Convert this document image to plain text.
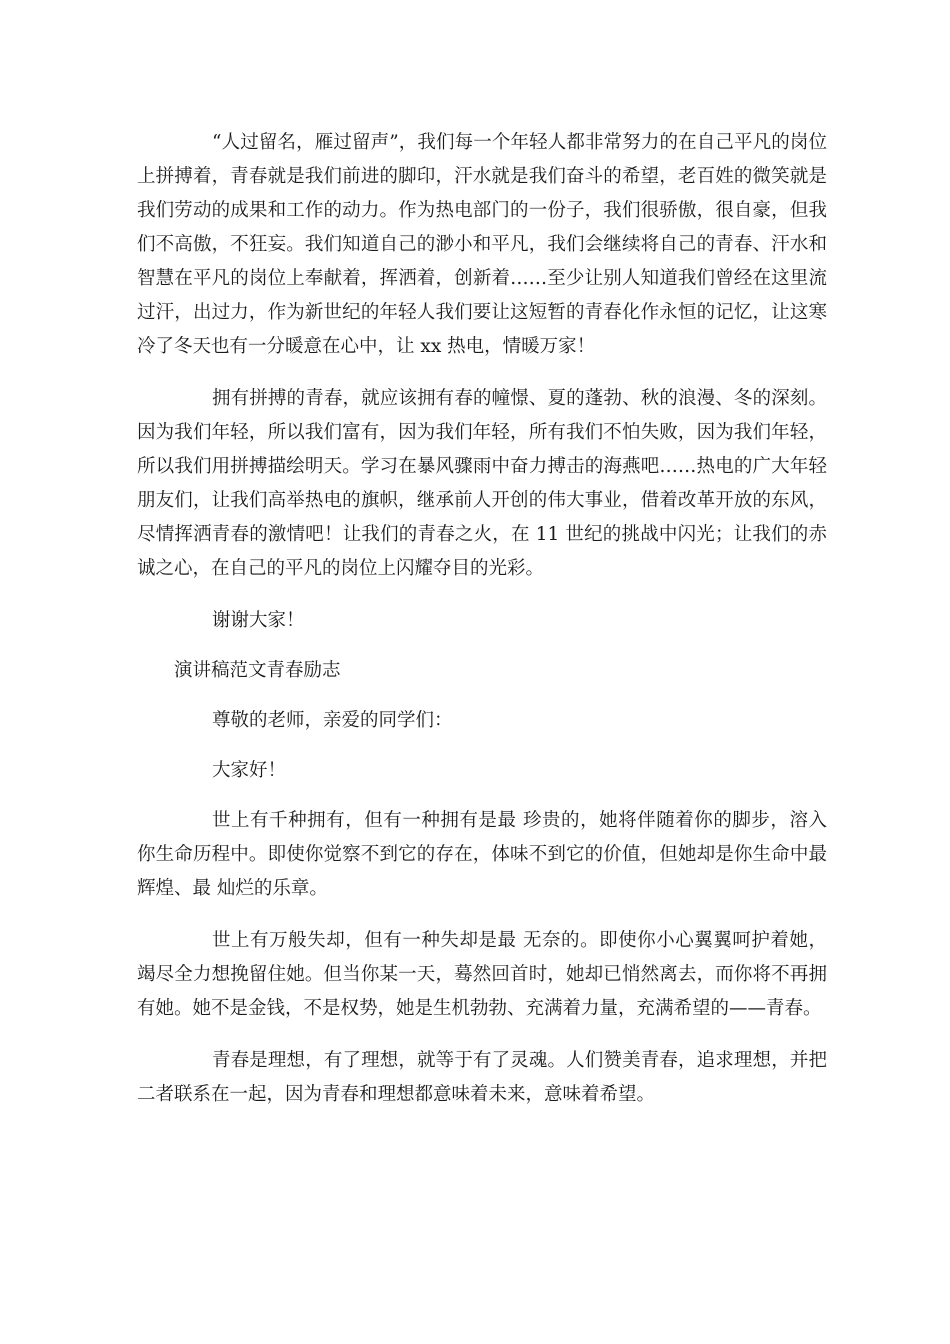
“人过留名，雁过留声”，我们每一个年轻人都非常努力的在自己平凡的岗位上拼搏着，青春就是我们前进的脚印，汗水就是我们奋斗的希望，老百姓的微笑就是我们劳动的成果和工作的动力。作为热电部门的一份子，我们很骄傲，很自豪，但我们不高傲，不狂妄。我们知道自己的渺小和平凡，我们会继续将自己的青春、汗水和智慧在平凡的岗位上奉献着，挥洒着，创新着……至少让别人知道我们曾经在这里流过汗，出过力，作为新世纪的年轻人我们要让这短暂的青春化作永恒的记忆，让这寒冷了冬天也有一分暖意在心中，让 xx 热电，情暖万家！

拥有拼搏的青春，就应该拥有春的幢憬、夏的蓬勃、秋的浪漫、冬的深刻。因为我们年轻，所以我们富有，因为我们年轻，所有我们不怕失败，因为我们年轻，所以我们用拼搏描绘明天。学习在暴风骤雨中奋力搏击的海燕吧……热电的广大年轻朋友们，让我们高举热电的旗帜，继承前人开创的伟大事业，借着改革开放的东风，尽情挥洒青春的激情吧！让我们的青春之火，在 11 世纪的挑战中闪光；让我们的赤诚之心，在自己的平凡的岗位上闪耀夺目的光彩。

谢谢大家！

演讲稿范文青春励志

尊敬的老师，亲爱的同学们：

大家好！

世上有千种拥有，但有一种拥有是最 珍贵的，她将伴随着你的脚步，溶入你生命历程中。即使你觉察不到它的存在，体味不到它的价值，但她却是你生命中最 辉煌、最 灿烂的乐章。

世上有万般失却，但有一种失却是最 无奈的。即使你小心翼翼呵护着她，竭尽全力想挽留住她。但当你某一天，蓦然回首时，她却已悄然离去，而你将不再拥有她。她不是金钱，不是权势，她是生机勃勃、充满着力量，充满希望的——青春。

青春是理想，有了理想，就等于有了灵魂。人们赞美青春，追求理想，并把二者联系在一起，因为青春和理想都意味着未来，意味着希望。
